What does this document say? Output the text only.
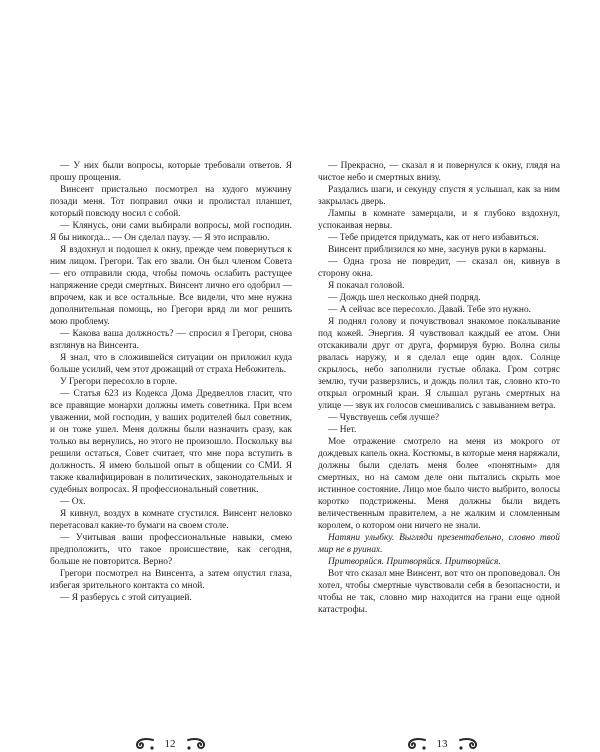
— У них были вопросы, которые требовали ответов. Я прошу прощения.

Винсент пристально посмотрел на худого мужчину позади меня. Тот поправил очки и пролистал планшет, который повсюду носил с собой.

— Клянусь, они сами выбирали вопросы, мой господин. Я бы никогда... — Он сделал паузу. — Я это исправлю.

Я вздохнул и подошел к окну, прежде чем повернуться к ним лицом. Грегори. Так его звали. Он был членом Совета — его отправили сюда, чтобы помочь ослабить растущее напряжение среди смертных. Винсент лично его одобрил — впрочем, как и все остальные. Все видели, что мне нужна дополнительная помощь, но Грегори вряд ли мог решить мою проблему.

— Какова ваша должность? — спросил я Грегори, снова взглянув на Винсента.

Я знал, что в сложившейся ситуации он приложил куда больше усилий, чем этот дрожащий от страха Небожитель.

У Грегори пересохло в горле.

— Статья 623 из Кодекса Дома Дредвеллов гласит, что все правящие монархи должны иметь советника. При всем уважении, мой господин, у ваших родителей был советник, и он тоже ушел. Меня должны были назначить сразу, как только вы вернулись, но этого не произошло. Поскольку вы решили остаться, Совет считает, что мне пора вступить в должность. Я имею большой опыт в общении со СМИ. Я также квалифицирован в политических, законодательных и судебных вопросах. Я профессиональный советник.

— Ох.

Я кивнул, воздух в комнате сгустился. Винсент неловко перетасовал какие-то бумаги на своем столе.

— Учитывая ваши профессиональные навыки, смею предположить, что такое происшествие, как сегодня, больше не повторится. Верно?

Грегори посмотрел на Винсента, а затем опустил глаза, избегая зрительного контакта со мной.

— Я разберусь с этой ситуацией.

— Прекрасно, — сказал я и повернулся к окну, глядя на чистое небо и смертных внизу.

Раздались шаги, и секунду спустя я услышал, как за ним закрылась дверь.

Лампы в комнате замерцали, и я глубоко вздохнул, успокаивая нервы.

— Тебе придется придумать, как от него избавиться.

Винсент приблизился ко мне, засунув руки в карманы.

— Одна гроза не повредит, — сказал он, кивнув в сторону окна.

Я покачал головой.

— Дождь шел несколько дней подряд.

— А сейчас все пересохло. Давай. Тебе это нужно.

Я поднял голову и почувствовал знакомое покалывание под кожей. Энергия. Я чувствовал каждый ее атом. Они отскакивали друг от друга, формируя бурю. Волна силы рвалась наружу, и я сделал еще один вдох. Солнце скрылось, небо заполнили густые облака. Гром сотряс землю, тучи разверзлись, и дождь полил так, словно кто-то открыл огромный кран. Я слышал ругань смертных на улице — звук их голосов смешивались с завыванием ветра.

— Чувствуешь себя лучше?

— Нет.

Мое отражение смотрело на меня из мокрого от дождевых капель окна. Костюмы, в которые меня наряжали, должны были сделать меня более «понятным» для смертных, но на самом деле они пытались скрыть мое истинное состояние. Лицо мое было чисто выбрито, волосы коротко подстрижены. Меня должны были видеть величественным правителем, а не жалким и сломленным королем, о котором они ничего не знали.

Натяни улыбку. Выгляди презентабельно, словно твой мир не в руинах.

Притворяйся. Притворяйся. Притворяйся.

Вот что сказал мне Винсент, вот что он проповедовал. Он хотел, чтобы смертные чувствовали себя в безопасности, и чтобы не так, словно мир находится на грани еще одной катастрофы.

12	13
